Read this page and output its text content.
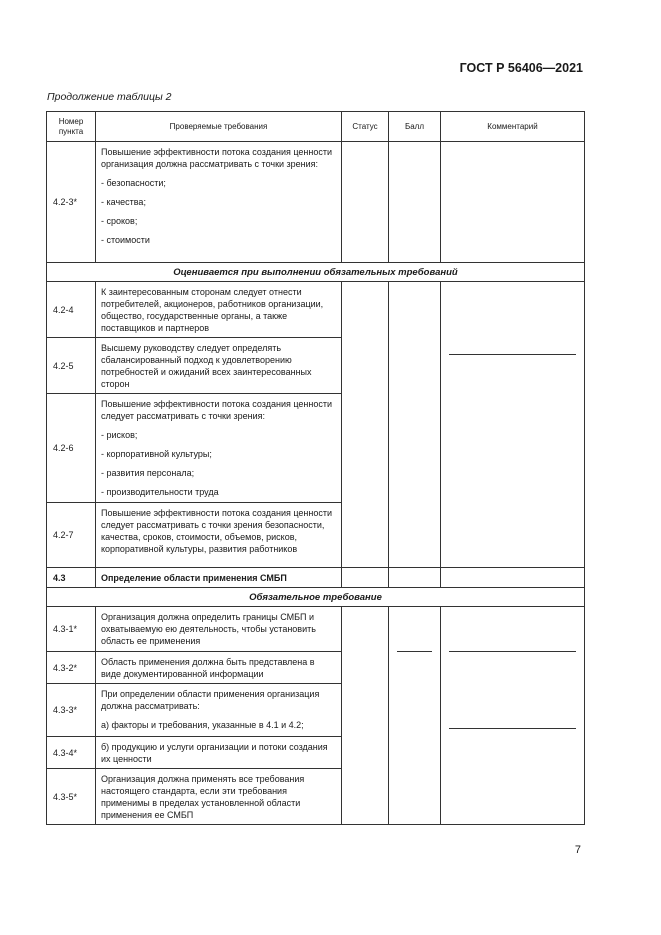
ГОСТ Р 56406—2021
Продолжение таблицы 2
Номер пункта	Проверяемые требования	Статус	Балл	Комментарий
4.2-3*	Повышение эффективности потока создания ценности организация должна рассматривать с точки зрения:

- безопасности;

- качества;

- сроков;

- стоимости			

Оценивается при выполнении обязательных требований				
4.2-4	К заинтересованным сторонам следует отнести потребителей, акционеров, работников организации, общество, государственные органы, а также поставщиков и партнеров			

4.2-5	Высшему руководству следует определять сбалансированный подход к удовлетворению потребностей и ожиданий всех заинтересованных сторон			
4.2-6	Повышение эффективности потока создания ценности следует рассматривать с точки зрения:

- рисков;

- корпоративной культуры;

- развития персонала;

- производительности труда			

4.2-7	Повышение эффективности потока создания ценности следует рассматривать с точки зрения безопасности, качества, сроков, стоимости, объемов, рисков, корпоративной культуры, развития работников			
4.3	Определение области применения СМБП			
Обязательное требование				
4.3-1*	Организация должна определить границы СМБП и охватываемую ею деятельность, чтобы установить область ее применения		

4.3-2*	Область применения должна быть представлена в виде документированной информации			
4.3-3*	При определении области применения организация должна рассматривать:

а) факторы и требования, указанные в 4.1 и 4.2;			

4.3-4*	б) продукцию и услуги организации и потоки создания их ценности			
4.3-5*	Организация должна применять все требования настоящего стандарта, если эти требования применимы в пределах установленной области применения ее СМБП			
7
